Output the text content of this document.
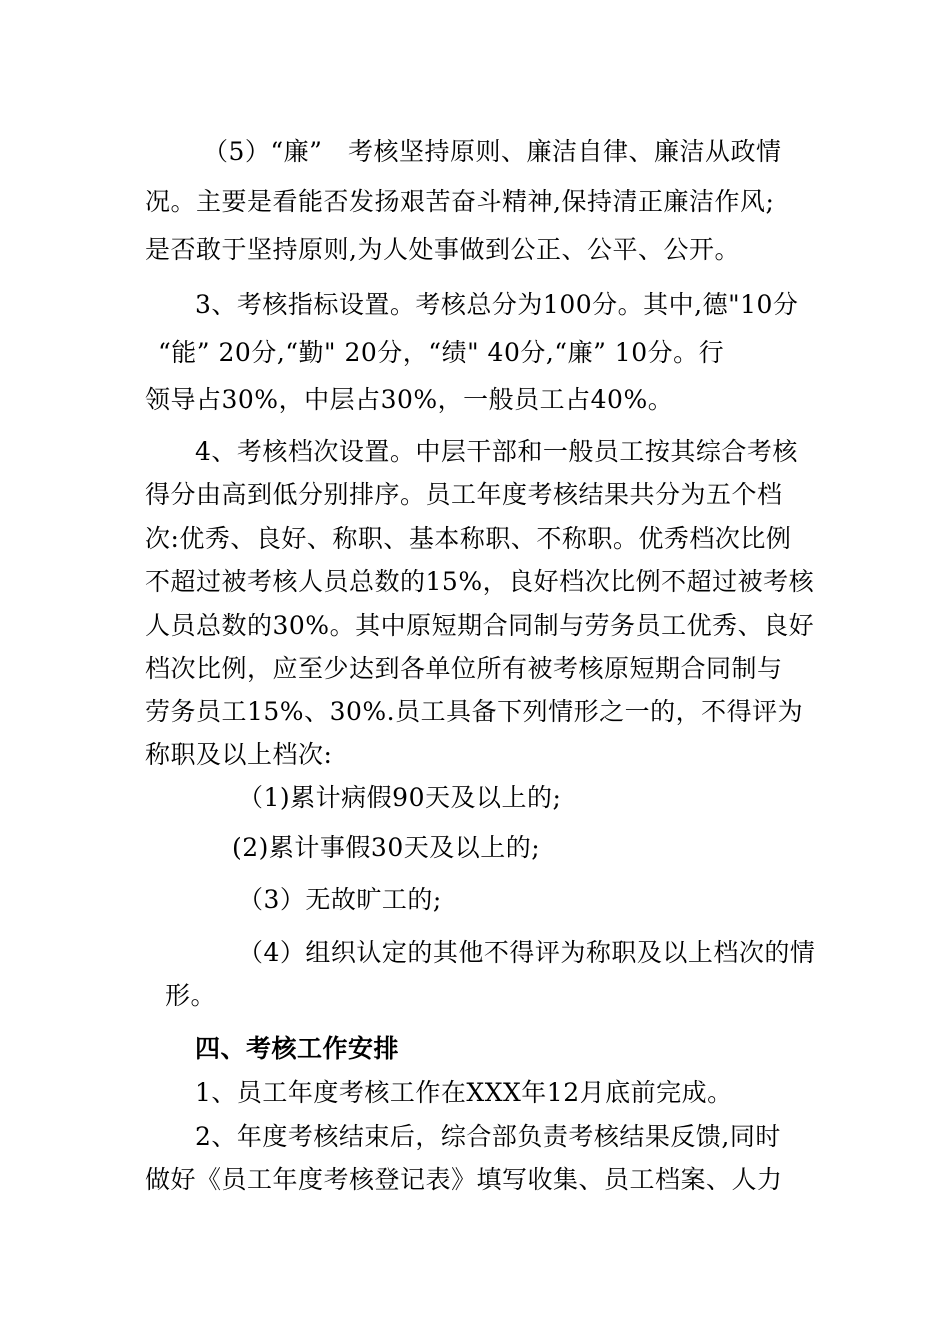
（5）“廉”　考核坚持原则、廉洁自律、廉洁从政情
况。主要是看能否发扬艰苦奋斗精神,保持清正廉洁作风;
是否敢于坚持原则,为人处事做到公正、公平、公开。
3、考核指标设置。考核总分为100分。其中,德"10分
“能” 20分,“勤" 20分，“绩" 40分,“廉” 10分。行
领导占30%，中层占30%，一般员工占40%。
4、考核档次设置。中层干部和一般员工按其综合考核
得分由高到低分别排序。员工年度考核结果共分为五个档
次:优秀、良好、称职、基本称职、不称职。优秀档次比例
不超过被考核人员总数的15%，良好档次比例不超过被考核
人员总数的30%。其中原短期合同制与劳务员工优秀、良好
档次比例，应至少达到各单位所有被考核原短期合同制与
劳务员工15%、30%.员工具备下列情形之一的，不得评为
称职及以上档次:
（1)累计病假90天及以上的;
(2)累计事假30天及以上的;
（3）无故旷工的;
（4）组织认定的其他不得评为称职及以上档次的情
形。
四、考核工作安排
1、员工年度考核工作在XXX年12月底前完成。
2、年度考核结束后，综合部负责考核结果反馈,同时
做好《员工年度考核登记表》填写收集、员工档案、人力
